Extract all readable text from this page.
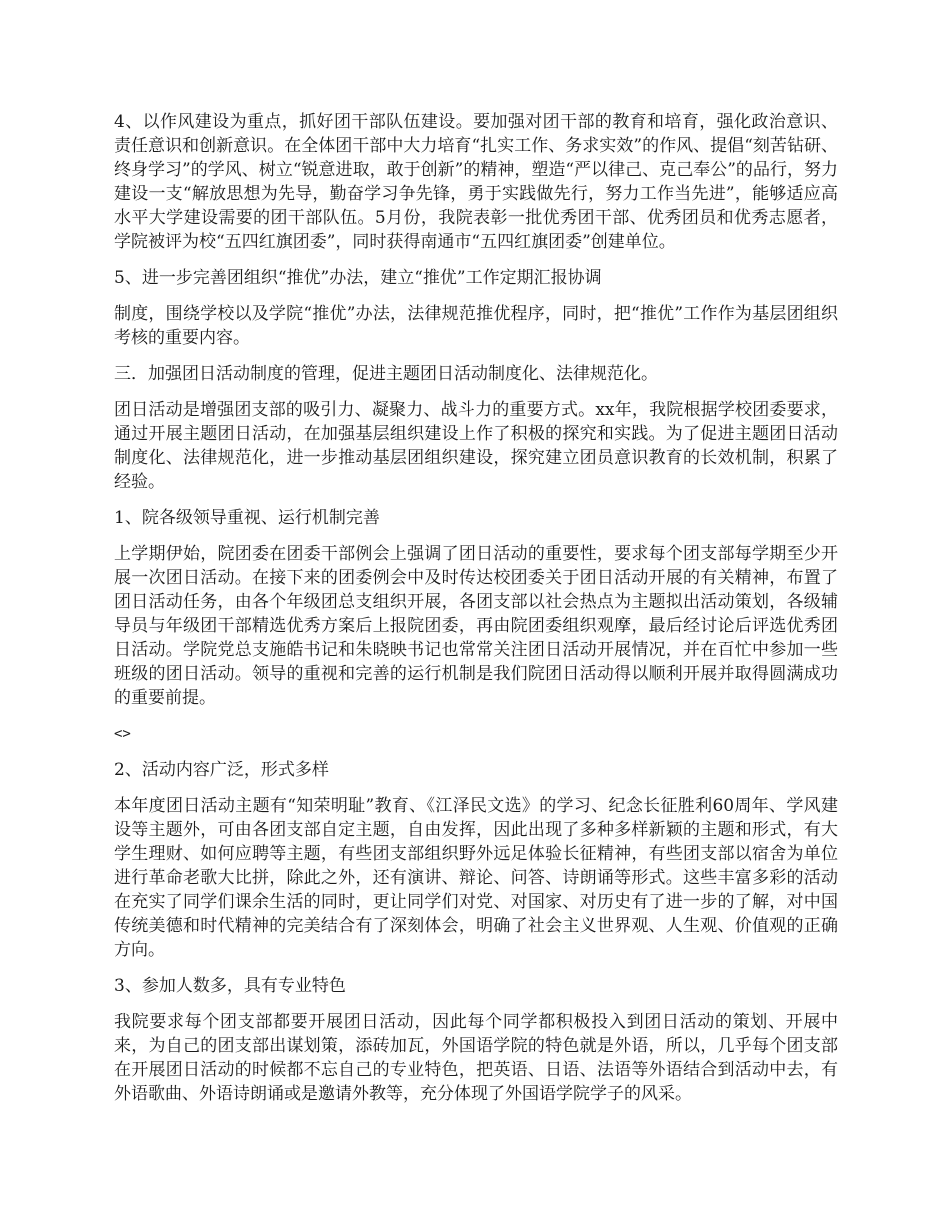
4、以作风建设为重点，抓好团干部队伍建设。要加强对团干部的教育和培育，强化政治意识、责任意识和创新意识。在全体团干部中大力培育“扎实工作、务求实效”的作风、提倡“刻苦钻研、终身学习”的学风、树立“锐意进取，敢于创新”的精神，塑造“严以律己、克己奉公”的品行，努力建设一支“解放思想为先导，勤奋学习争先锋，勇于实践做先行，努力工作当先进”，能够适应高水平大学建设需要的团干部队伍。5月份，我院表彰一批优秀团干部、优秀团员和优秀志愿者，学院被评为校“五四红旗团委”，同时获得南通市“五四红旗团委”创建单位。

5、进一步完善团组织“推优”办法，建立“推优”工作定期汇报协调

制度，围绕学校以及学院“推优”办法，法律规范推优程序，同时，把“推优”工作作为基层团组织考核的重要内容。

三．加强团日活动制度的管理，促进主题团日活动制度化、法律规范化。

团日活动是增强团支部的吸引力、凝聚力、战斗力的重要方式。xx年，我院根据学校团委要求，通过开展主题团日活动，在加强基层组织建设上作了积极的探究和实践。为了促进主题团日活动制度化、法律规范化，进一步推动基层团组织建设，探究建立团员意识教育的长效机制，积累了经验。

1、院各级领导重视、运行机制完善

上学期伊始，院团委在团委干部例会上强调了团日活动的重要性，要求每个团支部每学期至少开展一次团日活动。在接下来的团委例会中及时传达校团委关于团日活动开展的有关精神，布置了团日活动任务，由各个年级团总支组织开展，各团支部以社会热点为主题拟出活动策划，各级辅导员与年级团干部精选优秀方案后上报院团委，再由院团委组织观摩，最后经讨论后评选优秀团日活动。学院党总支施皓书记和朱晓映书记也常常关注团日活动开展情况，并在百忙中参加一些班级的团日活动。领导的重视和完善的运行机制是我们院团日活动得以顺利开展并取得圆满成功的重要前提。

<>

2、活动内容广泛，形式多样

本年度团日活动主题有“知荣明耻”教育、《江泽民文选》的学习、纪念长征胜利60周年、学风建设等主题外，可由各团支部自定主题，自由发挥，因此出现了多种多样新颖的主题和形式，有大学生理财、如何应聘等主题，有些团支部组织野外远足体验长征精神，有些团支部以宿舍为单位进行革命老歌大比拼，除此之外，还有演讲、辩论、问答、诗朗诵等形式。这些丰富多彩的活动在充实了同学们课余生活的同时，更让同学们对党、对国家、对历史有了进一步的了解，对中国传统美德和时代精神的完美结合有了深刻体会，明确了社会主义世界观、人生观、价值观的正确方向。

3、参加人数多，具有专业特色

我院要求每个团支部都要开展团日活动，因此每个同学都积极投入到团日活动的策划、开展中来，为自己的团支部出谋划策，添砖加瓦，外国语学院的特色就是外语，所以，几乎每个团支部在开展团日活动的时候都不忘自己的专业特色，把英语、日语、法语等外语结合到活动中去，有外语歌曲、外语诗朗诵或是邀请外教等，充分体现了外国语学院学子的风采。
